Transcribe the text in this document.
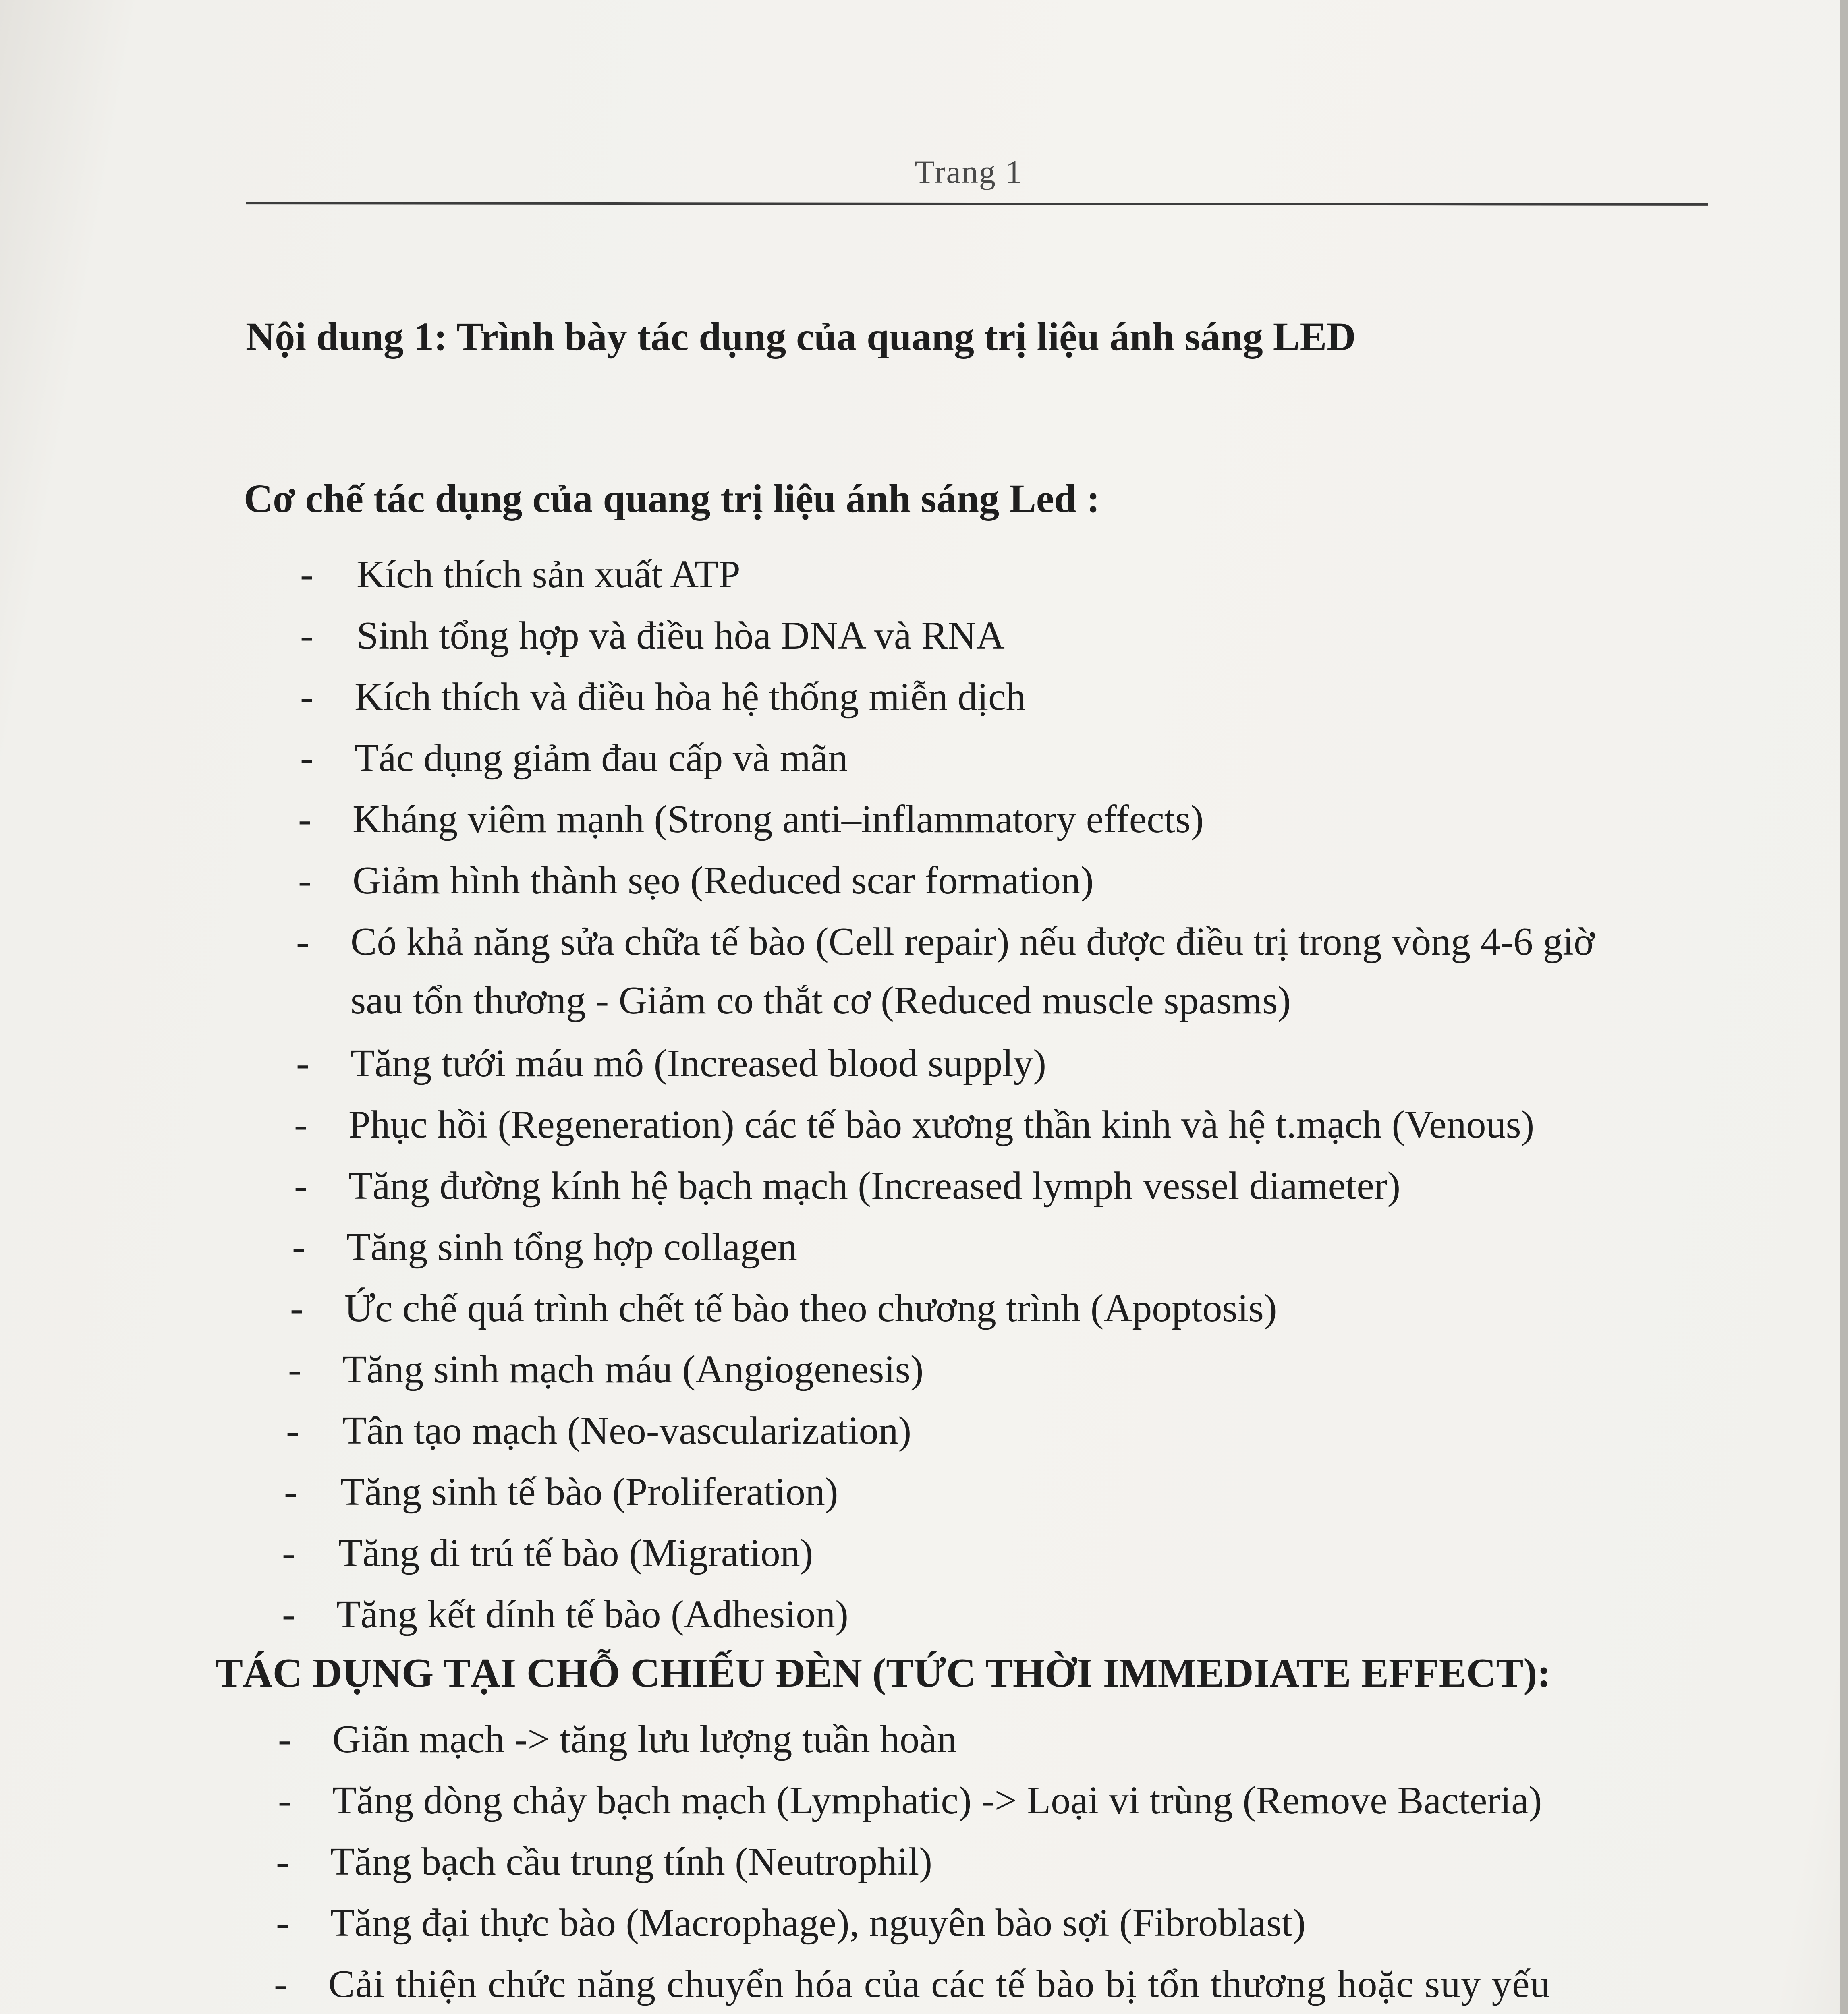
Trang 1
Nội dung 1: Trình bày tác dụng của quang trị liệu ánh sáng LED
Cơ chế tác dụng của quang trị liệu ánh sáng Led :
- Kích thích sản xuất ATP
- Sinh tổng hợp và điều hòa DNA và RNA
- Kích thích và điều hòa hệ thống miễn dịch
- Tác dụng giảm đau cấp và mãn
- Kháng viêm mạnh (Strong anti–inflammatory effects)
- Giảm hình thành sẹo (Reduced scar formation)
- Có khả năng sửa chữa tế bào (Cell repair) nếu được điều trị trong vòng 4-6 giờ
sau tổn thương - Giảm co thắt cơ (Reduced muscle spasms)
- Tăng tưới máu mô (Increased blood supply)
- Phục hồi (Regeneration) các tế bào xương thần kinh và hệ t.mạch (Venous)
- Tăng đường kính hệ bạch mạch (Increased lymph vessel diameter)
- Tăng sinh tổng hợp collagen
- Ức chế quá trình chết tế bào theo chương trình (Apoptosis)
- Tăng sinh mạch máu (Angiogenesis)
- Tân tạo mạch (Neo-vascularization)
- Tăng sinh tế bào (Proliferation)
- Tăng di trú tế bào (Migration)
- Tăng kết dính tế bào (Adhesion)
TÁC DỤNG TẠI CHỖ CHIẾU ĐÈN (TỨC THỜI IMMEDIATE EFFECT):
- Giãn mạch -> tăng lưu lượng tuần hoàn
- Tăng dòng chảy bạch mạch (Lymphatic) -> Loại vi trùng (Remove Bacteria)
- Tăng bạch cầu trung tính (Neutrophil)
- Tăng đại thực bào (Macrophage), nguyên bào sợi (Fibroblast)
- Cải thiện chức năng chuyển hóa của các tế bào bị tổn thương hoặc suy yếu
